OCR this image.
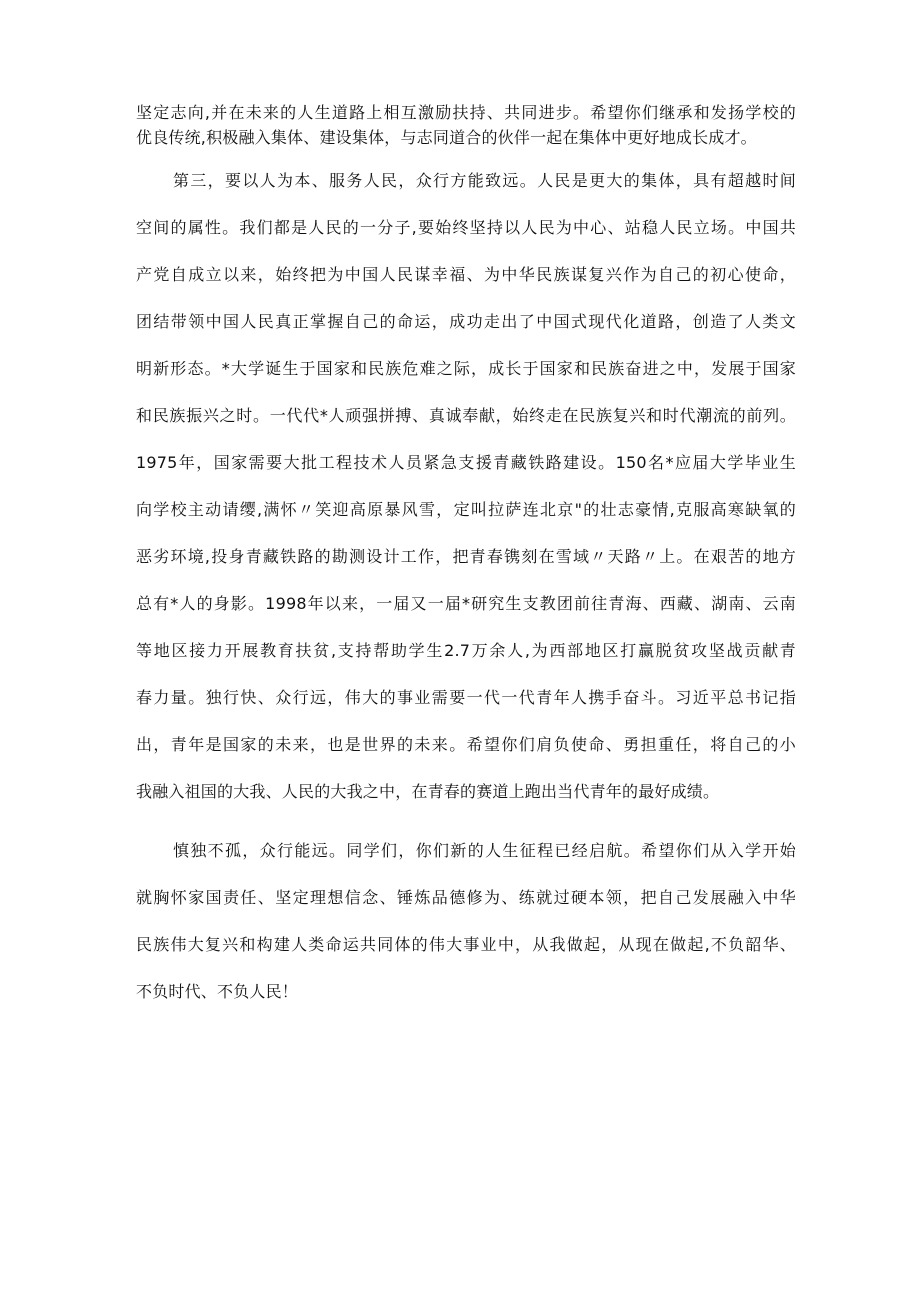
坚定志向,并在未来的人生道路上相互激励扶持、共同进步。希望你们继承和发扬学校的
优良传统,积极融入集体、建设集体，与志同道合的伙伴一起在集体中更好地成长成才。
第三，要以人为本、服务人民，众行方能致远。人民是更大的集体，具有超越时间
空间的属性。我们都是人民的一分子,要始终坚持以人民为中心、站稳人民立场。中国共
产党自成立以来，始终把为中国人民谋幸福、为中华民族谋复兴作为自己的初心使命，
团结带领中国人民真正掌握自己的命运，成功走出了中国式现代化道路，创造了人类文
明新形态。*大学诞生于国家和民族危难之际，成长于国家和民族奋进之中，发展于国家
和民族振兴之时。一代代*人顽强拼搏、真诚奉献，始终走在民族复兴和时代潮流的前列。
1975年，国家需要大批工程技术人员紧急支援青藏铁路建设。150名*应届大学毕业生
向学校主动请缨,满怀〃笑迎高原暴风雪，定叫拉萨连北京"的壮志豪情,克服高寒缺氧的
恶劣环境,投身青藏铁路的勘测设计工作，把青春镌刻在雪域〃天路〃上。在艰苦的地方
总有*人的身影。1998年以来，一届又一届*研究生支教团前往青海、西藏、湖南、云南
等地区接力开展教育扶贫,支持帮助学生2.7万余人,为西部地区打赢脱贫攻坚战贡献青
春力量。独行快、众行远，伟大的事业需要一代一代青年人携手奋斗。习近平总书记指
出，青年是国家的未来，也是世界的未来。希望你们肩负使命、勇担重任，将自己的小
我融入祖国的大我、人民的大我之中，在青春的赛道上跑出当代青年的最好成绩。
慎独不孤，众行能远。同学们，你们新的人生征程已经启航。希望你们从入学开始
就胸怀家国责任、坚定理想信念、锤炼品德修为、练就过硬本领，把自己发展融入中华
民族伟大复兴和构建人类命运共同体的伟大事业中，从我做起，从现在做起,不负韶华、
不负时代、不负人民！
